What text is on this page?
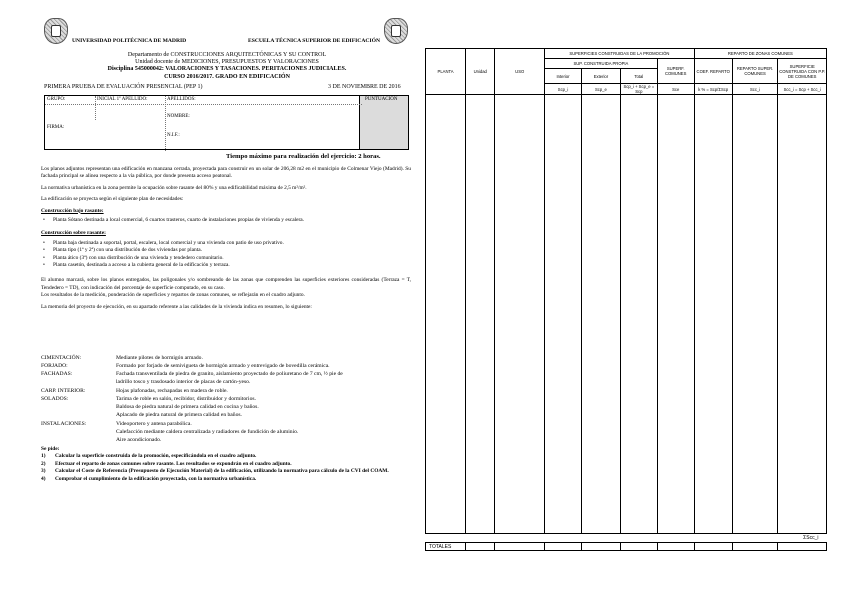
UNIVERSIDAD POLITÉCNICA DE MADRID	ESCUELA TÉCNICA SUPERIOR DE EDIFICACIÓN
Departamento de CONSTRUCCIONES ARQUITECTÓNICAS Y SU CONTROL
Unidad docente de MEDICIONES, PRESUPUESTOS Y VALORACIONES
Disciplina 545000042: VALORACIONES Y TASACIONES. PERITACIONES JUDICIALES.
CURSO 2016/2017. GRADO EN EDIFICACIÓN
PRIMERA PRUEBA DE EVALUACIÓN PRESENCIAL (PEP 1)	3 DE NOVIEMBRE DE 2016
GRUPO:	INICIAL 1º APELLIDO:	APELLIDOS:	PUNTUACIÓN
NOMBRE:
FIRMA:
N.I.F.:
Tiempo máximo para realización del ejercicio: 2 horas.
Los planos adjuntos representan una edificación en manzana cerrada, proyectada para construir en un solar de 206,28 m2 en el municipio de Colmenar Viejo (Madrid). Su fachada principal se alinea respecto a la vía pública, por donde presenta acceso peatonal.
La normativa urbanística en la zona permite la ocupación sobre rasante del 80% y una edificabilidad máxima de 2,5 m²/m².
La edificación se proyecta según el siguiente plan de necesidades:
Construcción bajo rasante:
• Planta Sótano destinada a local comercial, 6 cuartos trasteros, cuarto de instalaciones propias de vivienda y escalera.
Construcción sobre rasante:
• Planta baja destinada a soportal, portal, escalera, local comercial y una vivienda con patio de uso privativo.
• Planta tipo (1ª y 2ª) con una distribución de dos viviendas por planta.
• Planta ático (3ª) con una distribución de una vivienda y tendedero comunitario.
• Planta casetón, destinada a acceso a la cubierta general de la edificación y terraza.
El alumno marcará, sobre los planos entregados, las poligonales y/o sombreando de las zonas que comprenden las superficies exteriores consideradas (Terraza = T, Tendedero = TD), con indicación del porcentaje de superficie computado, en su caso.
Los resultados de la medición, ponderación de superficies y repartos de zonas comunes, se reflejarán en el cuadro adjunto.
La memoria del proyecto de ejecución, en su apartado referente a las calidades de la vivienda indica en resumen, lo siguiente:
CIMENTACIÓN:	Mediante pilotes de hormigón armado.
FORJADO:	Formado por forjado de semivigueta de hormigón armado y entrevigado de bovedilla cerámica.
FACHADAS:	Fachada transventilada de piedra de granito, aislamiento proyectado de poliuretano de 7 cm, ½ pie de
ladrillo tosco y trasdosado interior de placas de cartón-yeso.
CARP. INTERIOR:	Hojas plafonadas, rechapadas en madera de roble.
SOLADOS:	Tarima de roble en salón, recibidor, distribuidor y dormitorios.
Baldosa de piedra natural de primera calidad en cocina y baños.
Aplacado de piedra natural de primera calidad en baños.
INSTALACIONES:	Videoportero y antena parabólica.
Calefacción mediante caldera centralizada y radiadores de fundición de aluminio.
Aire acondicionado.
Se pide:
1) Calcular la superficie construida de la promoción, especificándola en el cuadro adjunto.
2) Efectuar el reparto de zonas comunes sobre rasante. Los resultados se expondrán en el cuadro adjunto.
3) Calcular el Coste de Referencia (Presupuesto de Ejecución Material) de la edificación, utilizando la normativa para cálculo de la CVI del COAM.
4) Comprobar el cumplimiento de la edificación proyectada, con la normativa urbanística.
PLANTA	Unidad	USO	SUPERFICIES CONSTRUIDAS DE LA PROMOCIÓN				REPARTO DE ZONAS COMUNES		
			SUP. CONSTRUIDA PROPIA			SUPERF. COMUNES	COEF. REPARTO	REPARTO SUPER. COMUNES	SUPERFICIE CONSTRUIDA CON P.P. DE COMUNES
			Interior	Exterior	Total				
			Scp_i	Scp_e	Scp_i + Scp_e = Scp	Sce	k % = Scp/ΣScp	Scc_i	Scc_i = Scp + Scc_i

									ΣScc_i
TOTALES									
